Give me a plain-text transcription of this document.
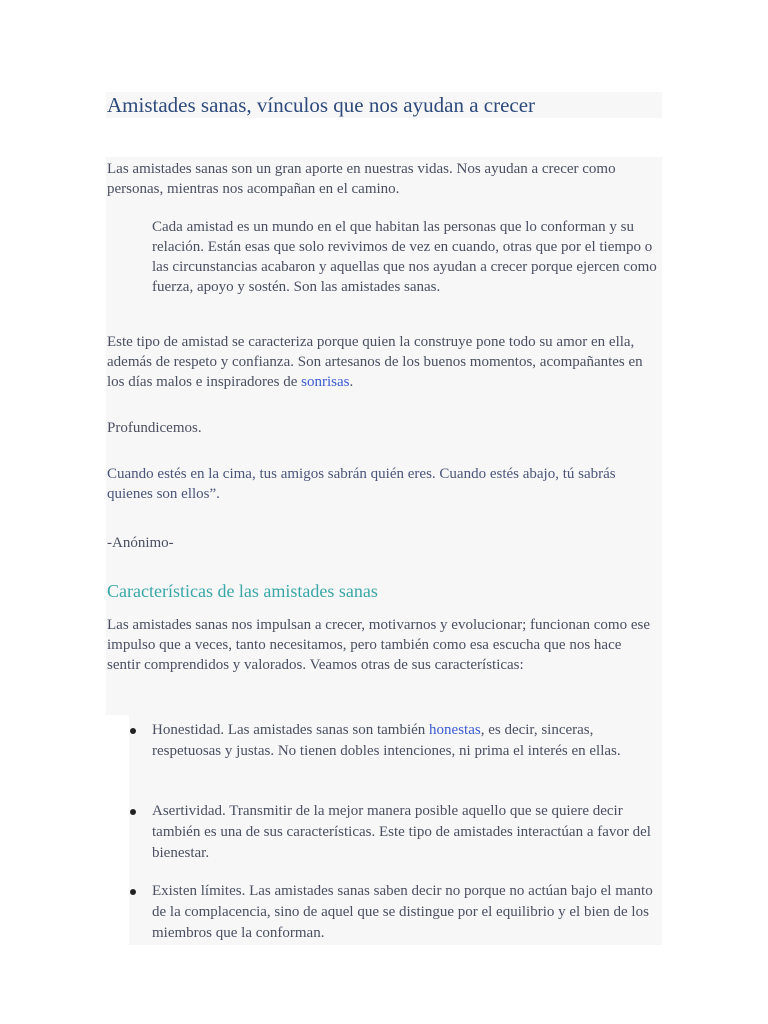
Amistades sanas, vínculos que nos ayudan a crecer

Las amistades sanas son un gran aporte en nuestras vidas. Nos ayudan a crecer como personas, mientras nos acompañan en el camino.

Cada amistad es un mundo en el que habitan las personas que lo conforman y su relación. Están esas que solo revivimos de vez en cuando, otras que por el tiempo o las circunstancias acabaron y aquellas que nos ayudan a crecer porque ejercen como fuerza, apoyo y sostén. Son las amistades sanas.

Este tipo de amistad se caracteriza porque quien la construye pone todo su amor en ella, además de respeto y confianza. Son artesanos de los buenos momentos, acompañantes en los días malos e inspiradores de sonrisas.

Profundicemos.

Cuando estés en la cima, tus amigos sabrán quién eres. Cuando estés abajo, tú sabrás quienes son ellos”.

-Anónimo-

Características de las amistades sanas

Las amistades sanas nos impulsan a crecer, motivarnos y evolucionar; funcionan como ese impulso que a veces, tanto necesitamos, pero también como esa escucha que nos hace sentir comprendidos y valorados. Veamos otras de sus características:

Honestidad. Las amistades sanas son también honestas, es decir, sinceras, respetuosas y justas. No tienen dobles intenciones, ni prima el interés en ellas.

Asertividad. Transmitir de la mejor manera posible aquello que se quiere decir también es una de sus características. Este tipo de amistades interactúan a favor del bienestar.

Existen límites. Las amistades sanas saben decir no porque no actúan bajo el manto de la complacencia, sino de aquel que se distingue por el equilibrio y el bien de los miembros que la conforman.
